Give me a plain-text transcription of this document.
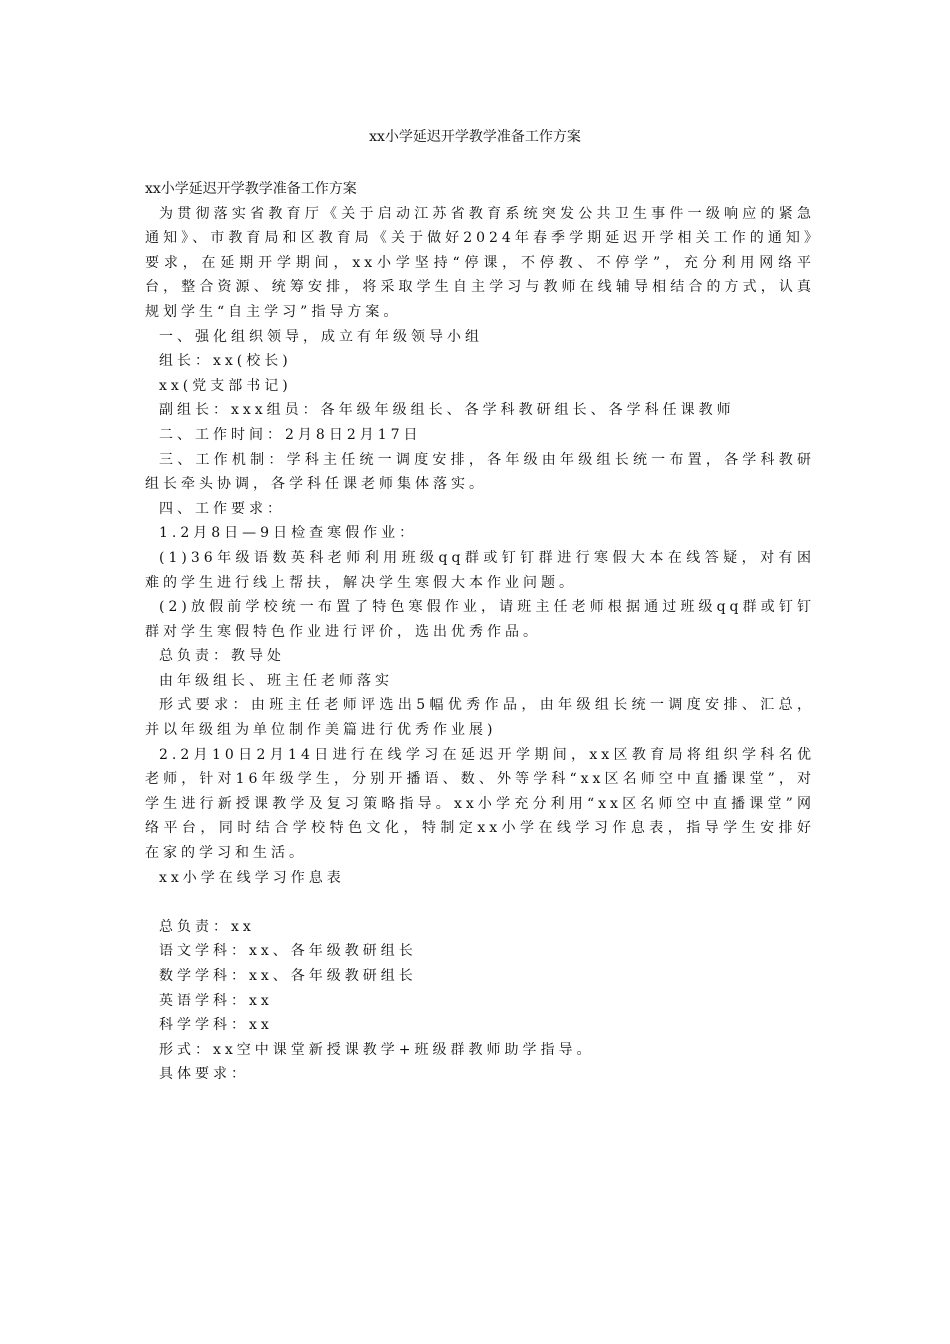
xx小学延迟开学教学准备工作方案

xx小学延迟开学教学准备工作方案

为贯彻落实省教育厅《关于启动江苏省教育系统突发公共卫生事件一级响应的紧急通知》、市教育局和区教育局《关于做好2024年春季学期延迟开学相关工作的通知》要求，在延期开学期间，xx小学坚持“停课，不停教、不停学”，充分利用网络平台，整合资源、统筹安排，将采取学生自主学习与教师在线辅导相结合的方式，认真规划学生“自主学习”指导方案。

一、强化组织领导，成立有年级领导小组

组长：xx(校长)

xx(党支部书记)

副组长：xxx组员：各年级年级组长、各学科教研组长、各学科任课教师

二、工作时间：2月8日2月17日

三、工作机制：学科主任统一调度安排，各年级由年级组长统一布置，各学科教研组长牵头协调，各学科任课老师集体落实。

四、工作要求：

1.2月8日—9日检查寒假作业：

(1)36年级语数英科老师利用班级qq群或钉钉群进行寒假大本在线答疑，对有困难的学生进行线上帮扶，解决学生寒假大本作业问题。

(2)放假前学校统一布置了特色寒假作业，请班主任老师根据通过班级qq群或钉钉群对学生寒假特色作业进行评价，选出优秀作品。

总负责：教导处

由年级组长、班主任老师落实

形式要求：由班主任老师评选出5幅优秀作品，由年级组长统一调度安排、汇总，并以年级组为单位制作美篇进行优秀作业展)

2.2月10日2月14日进行在线学习在延迟开学期间，xx区教育局将组织学科名优老师，针对16年级学生，分别开播语、数、外等学科“xx区名师空中直播课堂”，对学生进行新授课教学及复习策略指导。xx小学充分利用“xx区名师空中直播课堂”网络平台，同时结合学校特色文化，特制定xx小学在线学习作息表，指导学生安排好在家的学习和生活。

xx小学在线学习作息表

总负责：xx

语文学科：xx、各年级教研组长

数学学科：xx、各年级教研组长

英语学科：xx

科学学科：xx

形式：xx空中课堂新授课教学+班级群教师助学指导。

具体要求：
